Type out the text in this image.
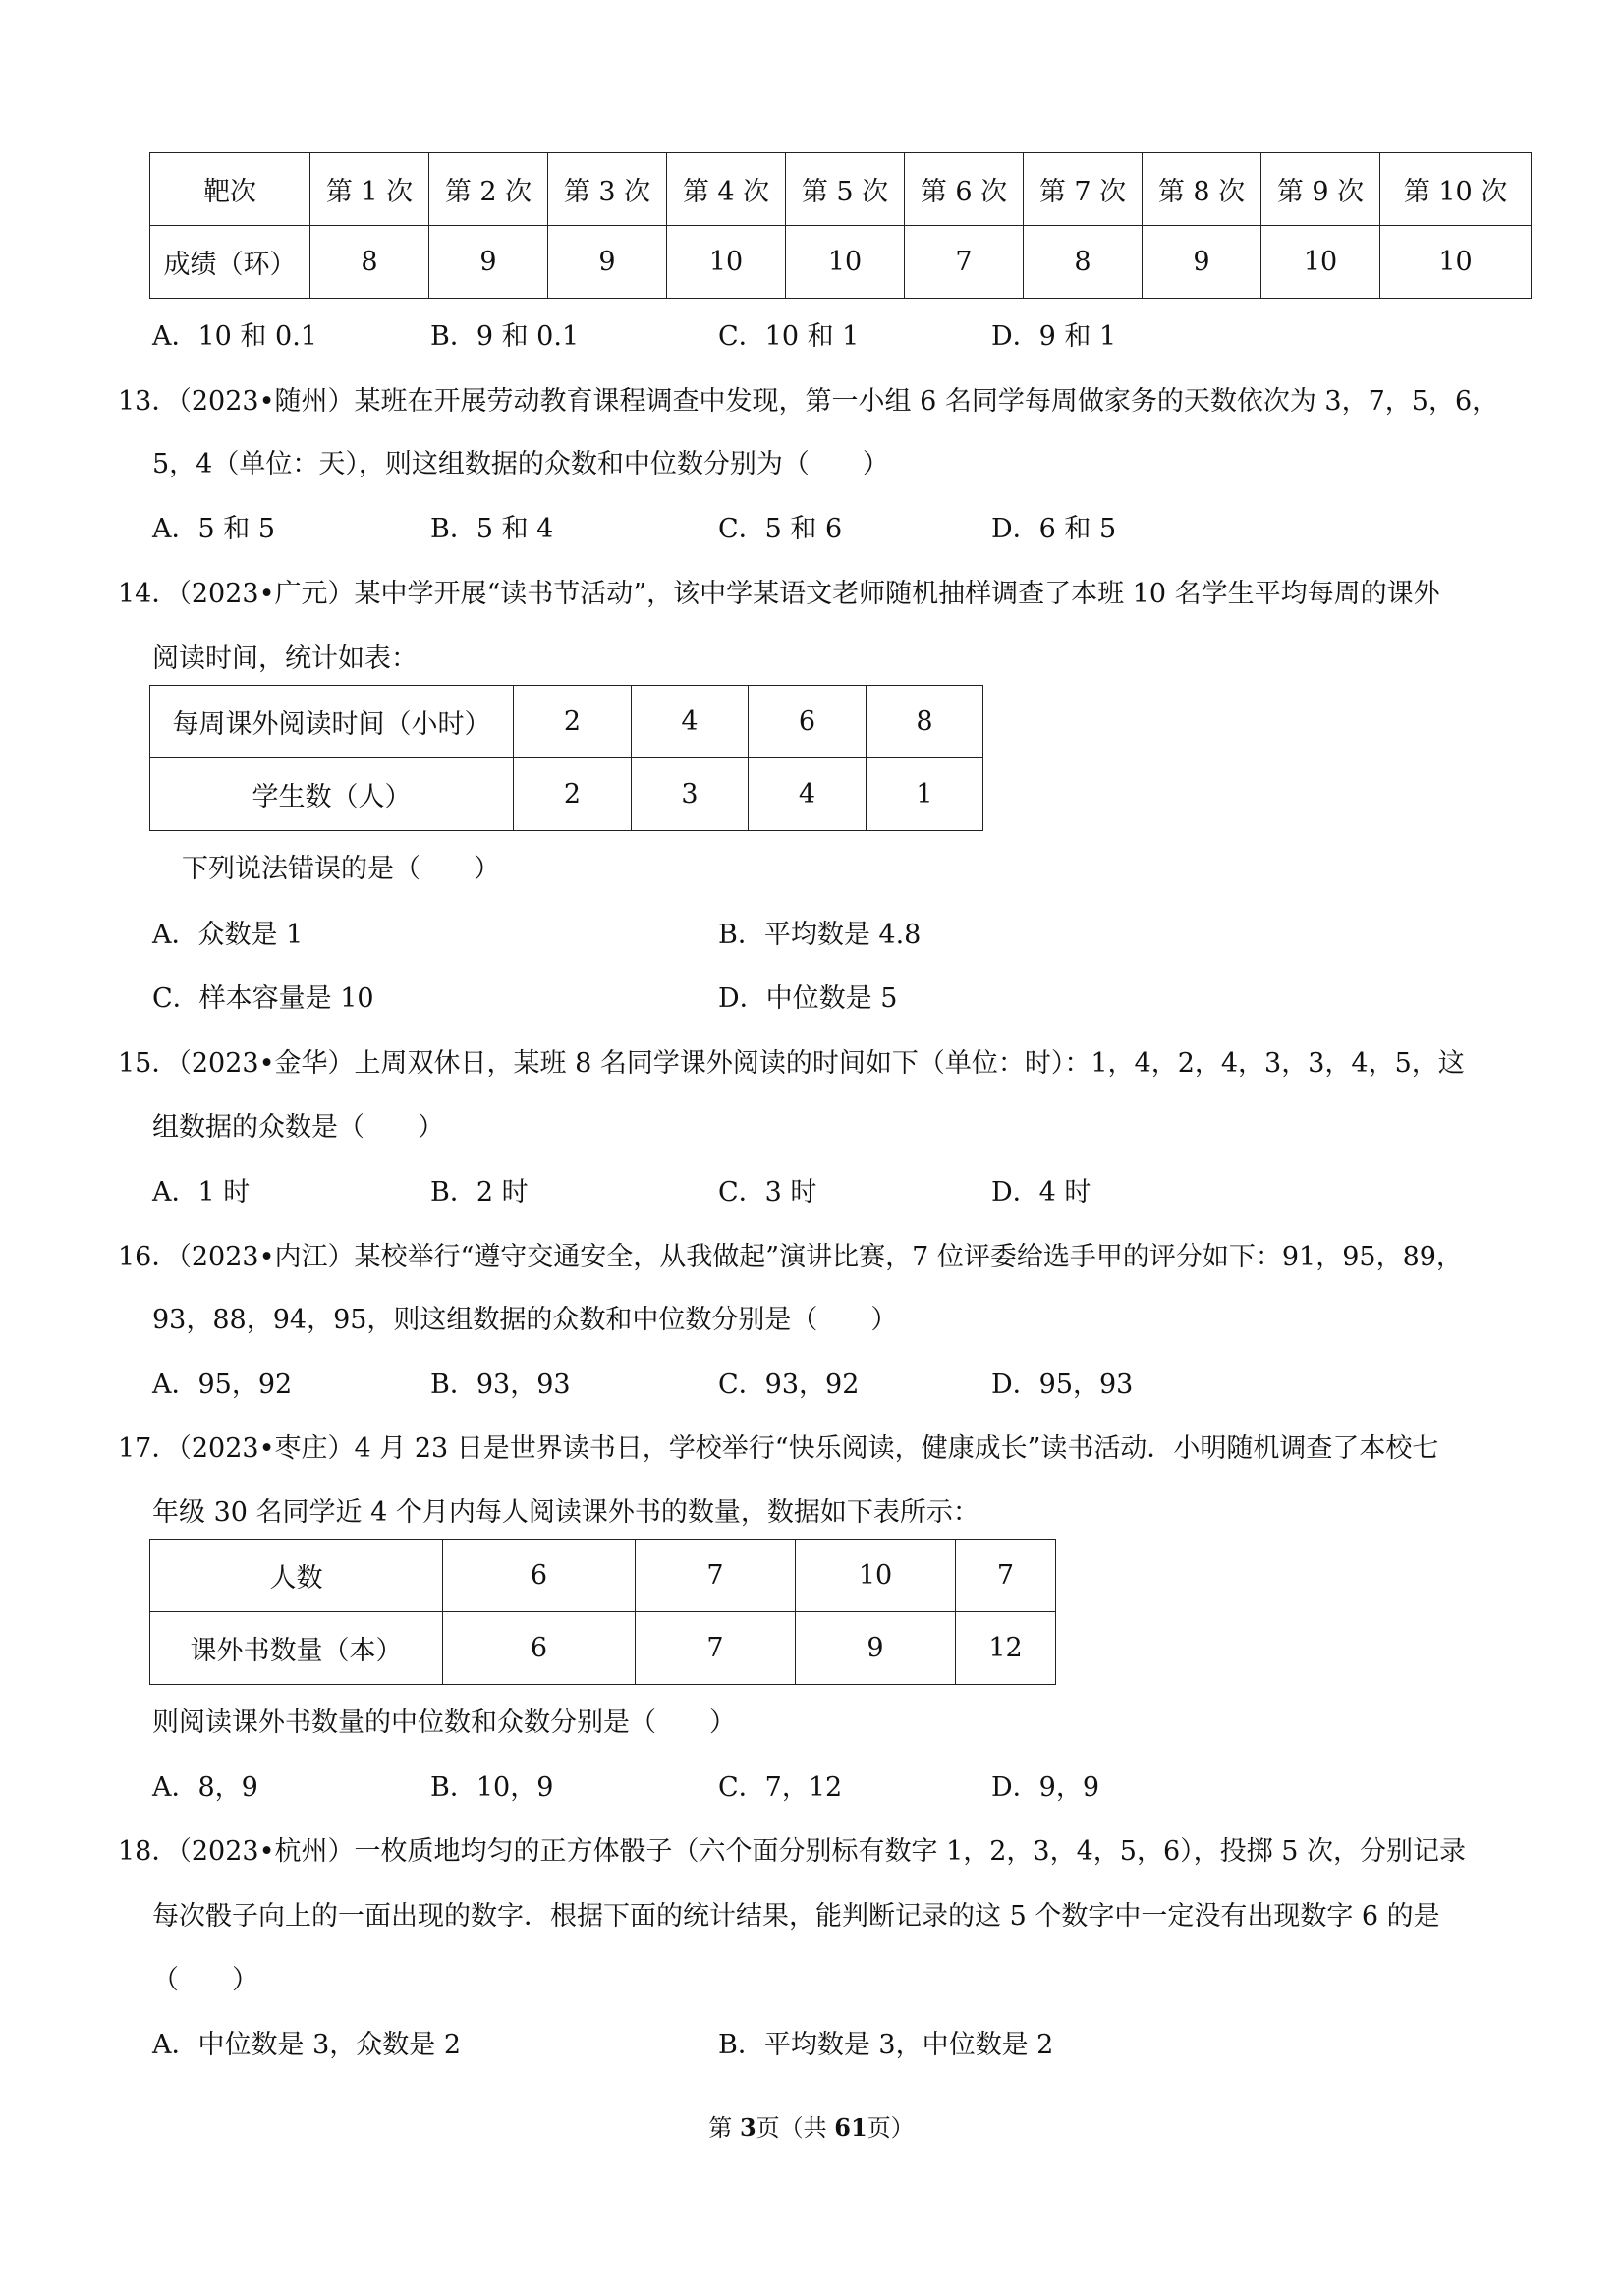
靶次	第 1 次	第 2 次	第 3 次	第 4 次	第 5 次	第 6 次	第 7 次	第 8 次	第 9 次	第 10 次
成绩（环）	8	9	9	10	10	7	8	9	10	10
A．10 和 0.1	B．9 和 0.1	C．10 和 1	D．9 和 1
13．（2023•随州）某班在开展劳动教育课程调查中发现，第一小组 6 名同学每周做家务的天数依次为 3，7，5，6，
5，4（单位：天），则这组数据的众数和中位数分别为（　　）
A．5 和 5	B．5 和 4	C．5 和 6	D．6 和 5
14．（2023•广元）某中学开展“读书节活动”，该中学某语文老师随机抽样调查了本班 10 名学生平均每周的课外
阅读时间，统计如表：
每周课外阅读时间（小时）	2	4	6	8
学生数（人）	2	3	4	1
下列说法错误的是（　　）
A．众数是 1	B．平均数是 4.8
C．样本容量是 10	D．中位数是 5
15．（2023•金华）上周双休日，某班 8 名同学课外阅读的时间如下（单位：时）：1，4，2，4，3，3，4，5，这
组数据的众数是（　　）
A．1 时	B．2 时	C．3 时	D．4 时
16．（2023•内江）某校举行“遵守交通安全，从我做起”演讲比赛，7 位评委给选手甲的评分如下：91，95，89，
93，88，94，95，则这组数据的众数和中位数分别是（　　）
A．95，92	B．93，93	C．93，92	D．95，93
17．（2023•枣庄）4 月 23 日是世界读书日，学校举行“快乐阅读，健康成长”读书活动．小明随机调查了本校七
年级 30 名同学近 4 个月内每人阅读课外书的数量，数据如下表所示：
人数	6	7	10	7
课外书数量（本）	6	7	9	12
则阅读课外书数量的中位数和众数分别是（　　）
A．8，9	B．10，9	C．7，12	D．9，9
18．（2023•杭州）一枚质地均匀的正方体骰子（六个面分别标有数字 1，2，3，4，5，6），投掷 5 次，分别记录
每次骰子向上的一面出现的数字．根据下面的统计结果，能判断记录的这 5 个数字中一定没有出现数字 6 的是
（　　）
A．中位数是 3，众数是 2	B．平均数是 3，中位数是 2
第 3页（共 61页）
